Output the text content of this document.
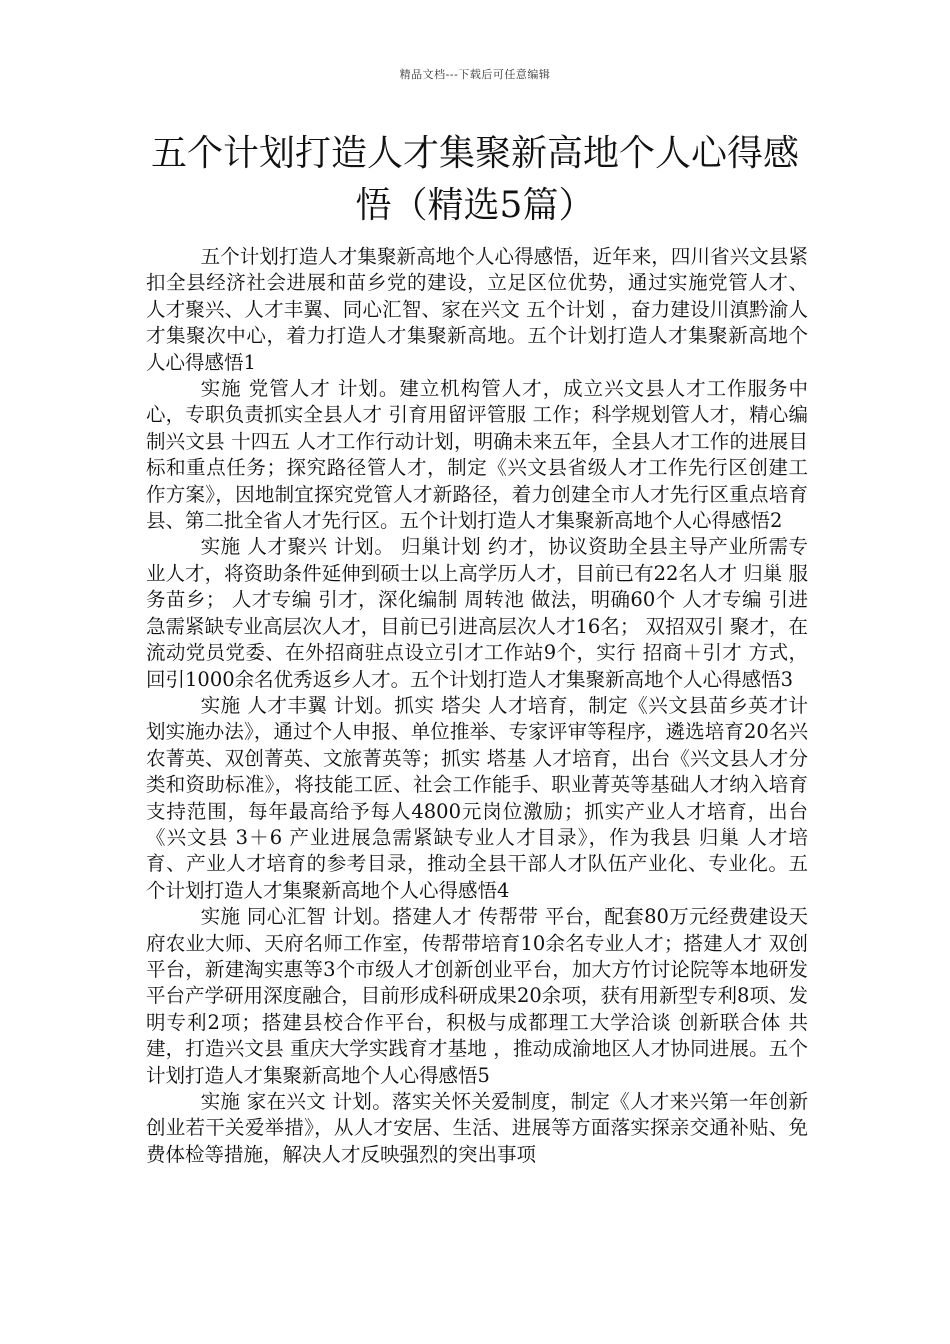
精品文档---下载后可任意编辑
五个计划打造人才集聚新高地个人心得感悟（精选5篇）

五个计划打造人才集聚新高地个人心得感悟，近年来，四川省兴文县紧扣全县经济社会进展和苗乡党的建设，立足区位优势，通过实施党管人才、人才聚兴、人才丰翼、同心汇智、家在兴文 五个计划 ，奋力建设川滇黔渝人才集聚次中心，着力打造人才集聚新高地。五个计划打造人才集聚新高地个人心得感悟1

实施 党管人才 计划。建立机构管人才，成立兴文县人才工作服务中心，专职负责抓实全县人才 引育用留评管服 工作；科学规划管人才，精心编制兴文县 十四五 人才工作行动计划，明确未来五年，全县人才工作的进展目标和重点任务；探究路径管人才，制定《兴文县省级人才工作先行区创建工作方案》，因地制宜探究党管人才新路径，着力创建全市人才先行区重点培育县、第二批全省人才先行区。五个计划打造人才集聚新高地个人心得感悟2

实施 人才聚兴 计划。 归巢计划 约才，协议资助全县主导产业所需专业人才，将资助条件延伸到硕士以上高学历人才，目前已有22名人才 归巢 服务苗乡； 人才专编 引才，深化编制 周转池 做法，明确60个 人才专编 引进急需紧缺专业高层次人才，目前已引进高层次人才16名； 双招双引 聚才，在流动党员党委、在外招商驻点设立引才工作站9个，实行 招商＋引才 方式，回引1000余名优秀返乡人才。五个计划打造人才集聚新高地个人心得感悟3

实施 人才丰翼 计划。抓实 塔尖 人才培育，制定《兴文县苗乡英才计划实施办法》，通过个人申报、单位推举、专家评审等程序，遴选培育20名兴农菁英、双创菁英、文旅菁英等；抓实 塔基 人才培育，出台《兴文县人才分类和资助标准》，将技能工匠、社会工作能手、职业菁英等基础人才纳入培育支持范围，每年最高给予每人4800元岗位激励；抓实产业人才培育，出台《兴文县 3＋6 产业进展急需紧缺专业人才目录》，作为我县 归巢 人才培育、产业人才培育的参考目录，推动全县干部人才队伍产业化、专业化。五个计划打造人才集聚新高地个人心得感悟4

实施 同心汇智 计划。搭建人才 传帮带 平台，配套80万元经费建设天府农业大师、天府名师工作室，传帮带培育10余名专业人才；搭建人才 双创 平台，新建淘实惠等3个市级人才创新创业平台，加大方竹讨论院等本地研发平台产学研用深度融合，目前形成科研成果20余项，获有用新型专利8项、发明专利2项；搭建县校合作平台，积极与成都理工大学洽谈 创新联合体 共建，打造兴文县 重庆大学实践育才基地 ，推动成渝地区人才协同进展。五个计划打造人才集聚新高地个人心得感悟5

实施 家在兴文 计划。落实关怀关爱制度，制定《人才来兴第一年创新创业若干关爱举措》，从人才安居、生活、进展等方面落实探亲交通补贴、免费体检等措施，解决人才反映强烈的突出事项
